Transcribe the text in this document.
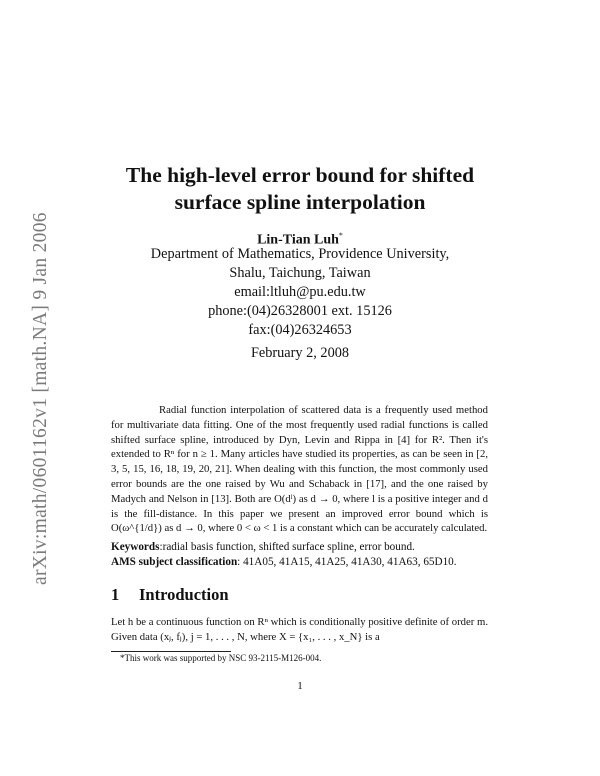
arXiv:math/0601162v1 [math.NA] 9 Jan 2006
The high-level error bound for shifted
surface spline interpolation
Lin-Tian Luh*
Department of Mathematics, Providence University,
Shalu, Taichung, Taiwan
email:ltluh@pu.edu.tw
phone:(04)26328001 ext. 15126
fax:(04)26324653
February 2, 2008
Radial function interpolation of scattered data is a frequently used method for multivariate data fitting. One of the most frequently used radial functions is called shifted surface spline, introduced by Dyn, Levin and Rippa in [4] for R². Then it's extended to Rⁿ for n ≥ 1. Many articles have studied its properties, as can be seen in [2, 3, 5, 15, 16, 18, 19, 20, 21]. When dealing with this function, the most commonly used error bounds are the one raised by Wu and Schaback in [17], and the one raised by Madych and Nelson in [13]. Both are O(dˡ) as d → 0, where l is a positive integer and d is the fill-distance. In this paper we present an improved error bound which is O(ω^{1/d}) as d → 0, where 0 < ω < 1 is a constant which can be accurately calculated.
Keywords:radial basis function, shifted surface spline, error bound.
AMS subject classification: 41A05, 41A15, 41A25, 41A30, 41A63, 65D10.
1 Introduction
Let h be a continuous function on Rⁿ which is conditionally positive definite of order m. Given data (xⱼ, fⱼ), j = 1, . . . , N, where X = {x₁, . . . , x_N} is a
*This work was supported by NSC 93-2115-M126-004.
1
